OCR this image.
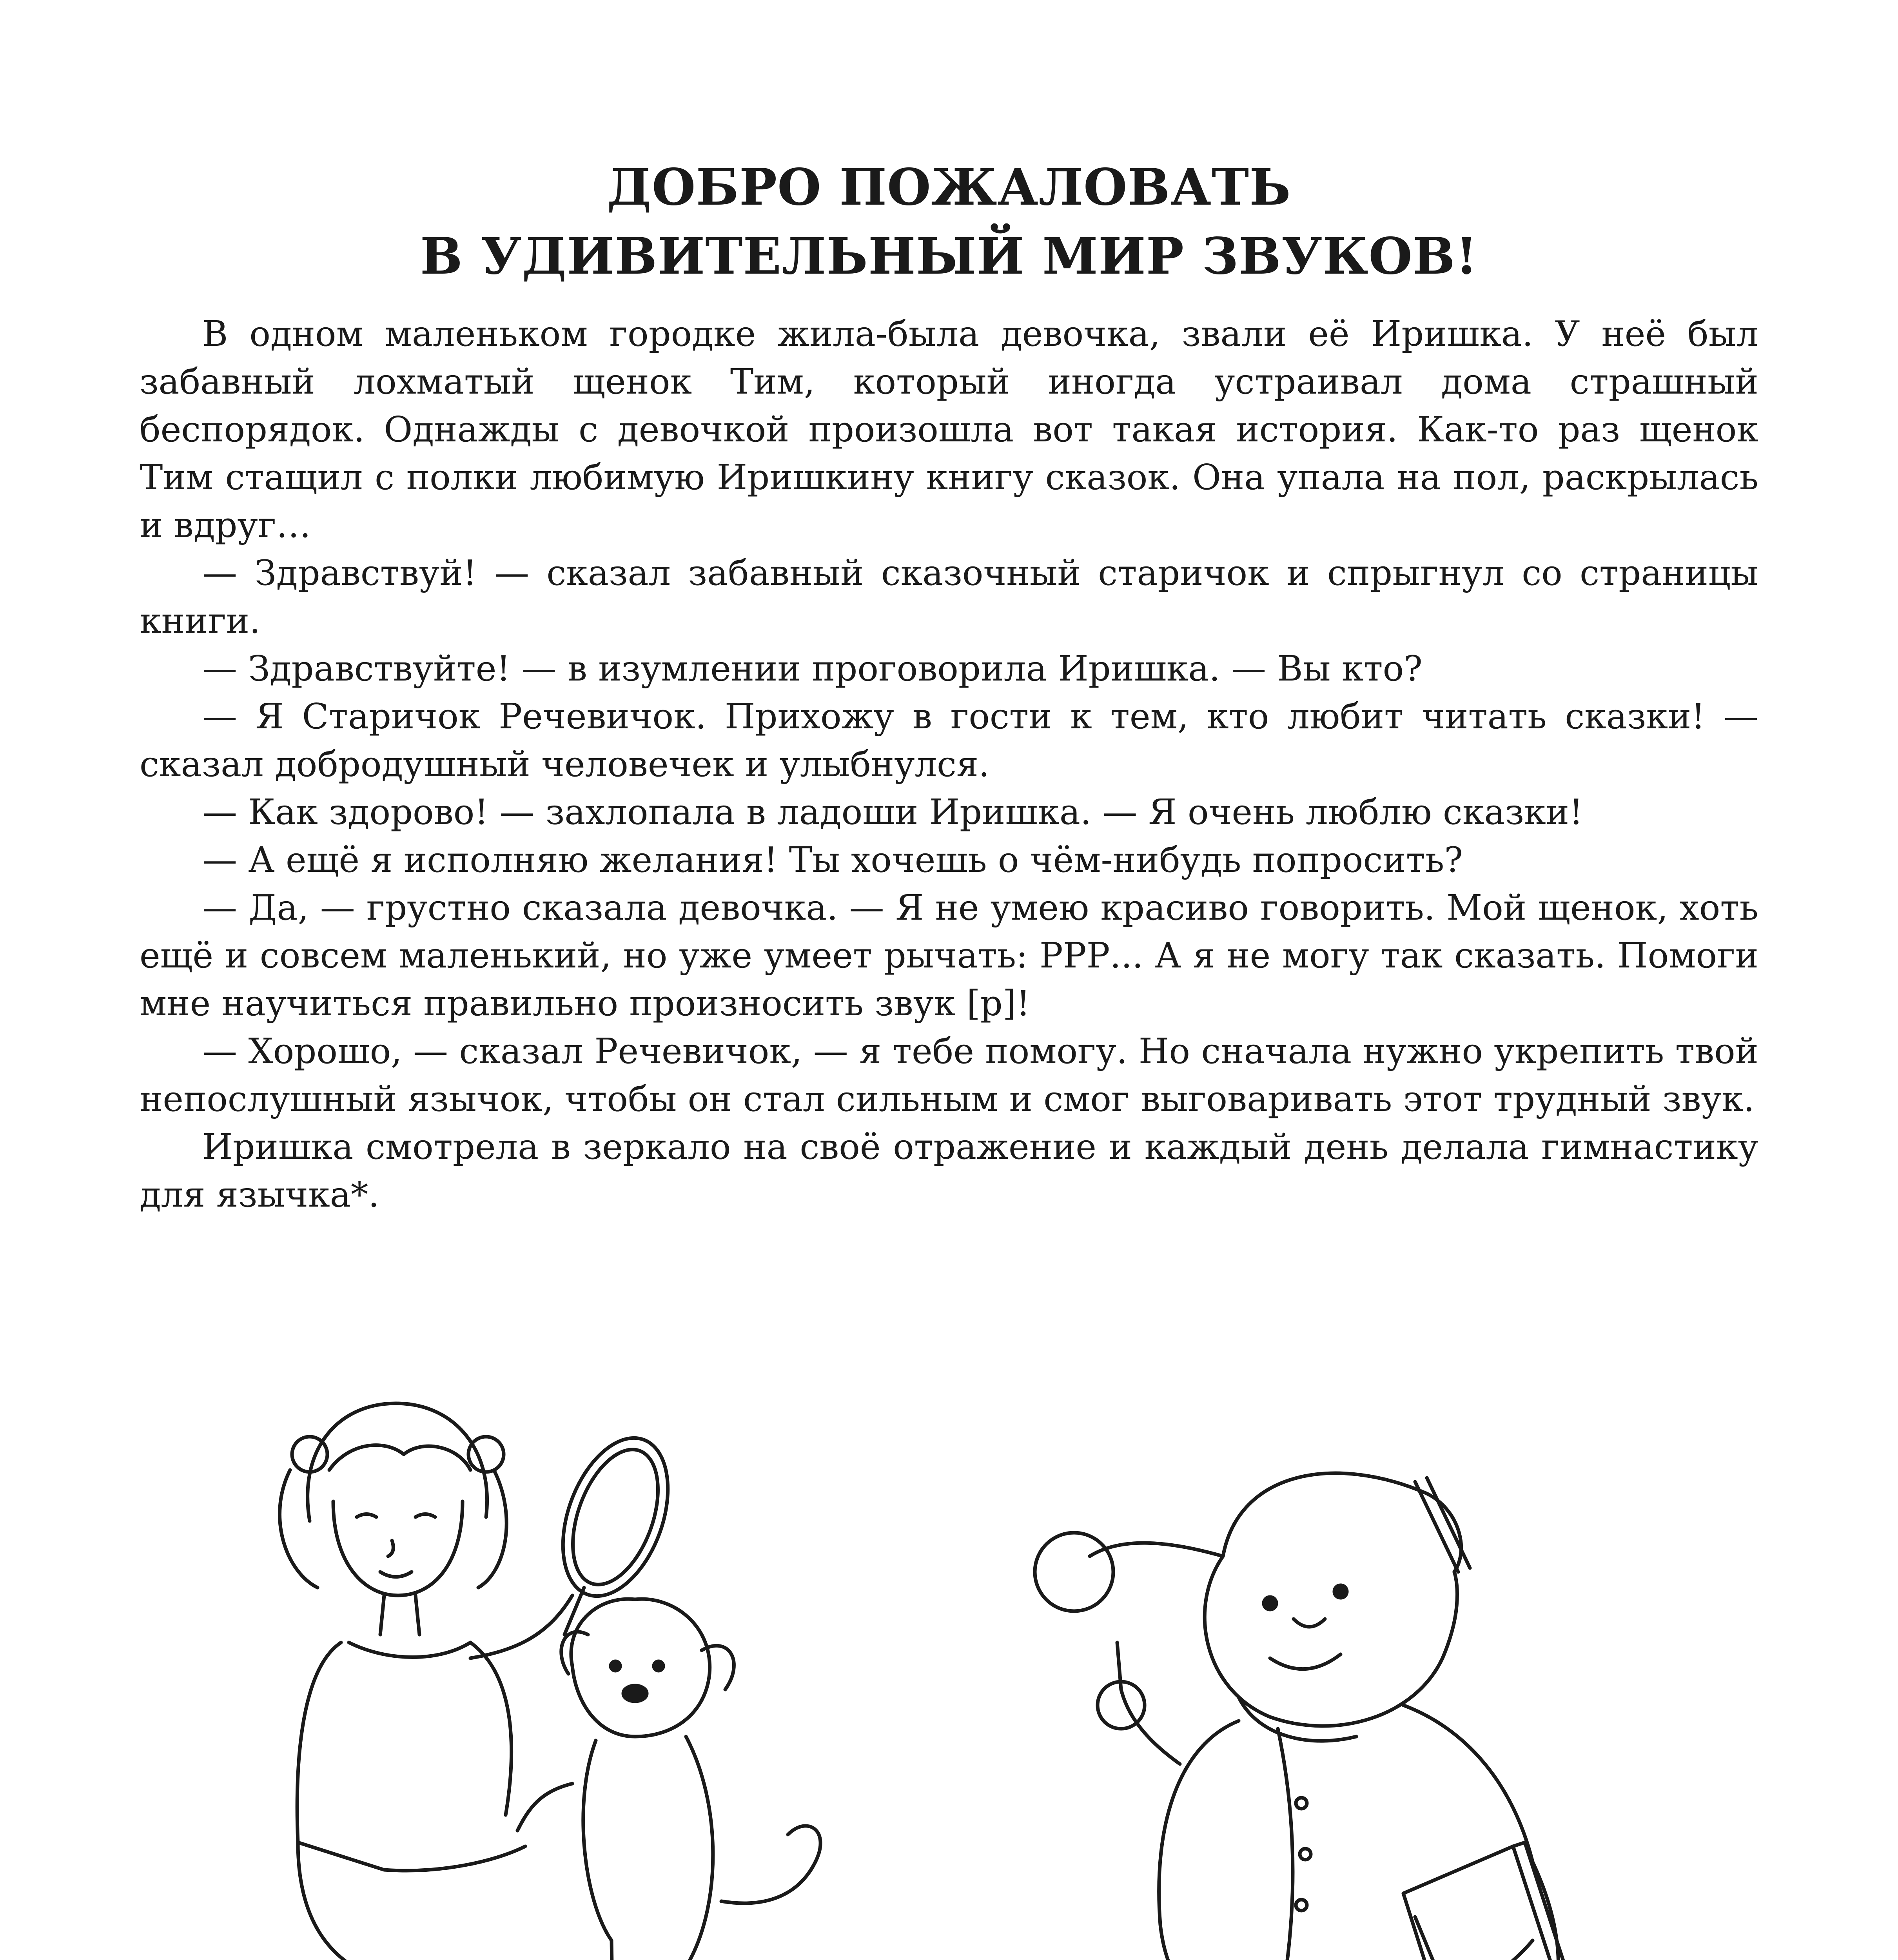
ДОБРО ПОЖАЛОВАТЬ
В УДИВИТЕЛЬНЫЙ МИР ЗВУКОВ!

В одном маленьком городке жила-была девочка, звали её Иришка. У неё был забавный лохматый щенок Тим, который иногда устраивал дома страшный беспорядок. Однажды с девочкой произошла вот такая история. Как-то раз щенок Тим стащил с полки любимую Иришкину книгу сказок. Она упала на пол, раскрылась и вдруг…

— Здравствуй! — сказал забавный сказочный старичок и спрыгнул со страницы книги.

— Здравствуйте! — в изумлении проговорила Иришка. — Вы кто?

— Я Старичок Речевичок. Прихожу в гости к тем, кто любит читать сказки! — сказал добродушный человечек и улыбнулся.

— Как здорово! — захлопала в ладоши Иришка. — Я очень люблю сказки!

— А ещё я исполняю желания! Ты хочешь о чём-нибудь попросить?

— Да, — грустно сказала девочка. — Я не умею красиво говорить. Мой щенок, хоть ещё и совсем маленький, но уже умеет рычать: РРР... А я не могу так сказать. Помоги мне научиться правильно произносить звук [р]!

— Хорошо, — сказал Речевичок, — я тебе помогу. Но сначала нужно укрепить твой непослушный язычок, чтобы он стал сильным и смог выговаривать этот трудный звук.

Иришка смотрела в зеркало на своё отражение и каждый день делала гимнастику для язычка*.
